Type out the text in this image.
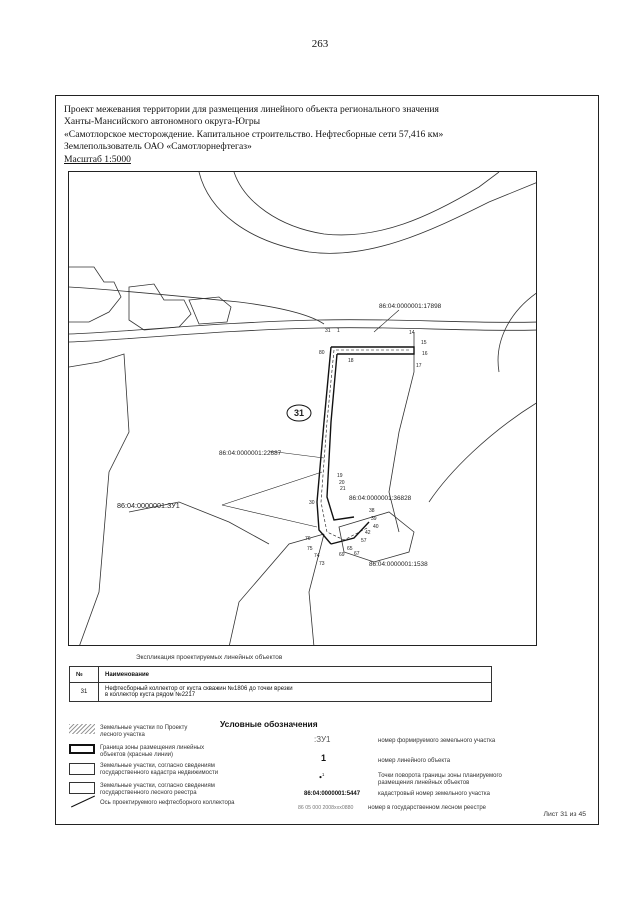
263
Проект межевания территории для размещения линейного объекта регионального значения
Ханты-Мансийского автономного округа-Югры
«Самотлорское месторождение. Капитальное строительство. Нефтесборные сети 57,416 км»
Землепользователь ОАО «Самотлорнефтегаз»
Масштаб 1:5000
31
86:04:0000001:17898
86:04:0000001:22687
86:04:0000001:36828
86:04:0000001:1538
86:04:0000001:ЗУ1
14
15
16
17
18
19
20
21
30
31
38
39
40
42
57
65
67
69
73
74
75
76
80
1
Экспликация проектируемых линейных объектов
№	Наименование
31	Нефтесборный коллектор от куста скважин №1806 до точки врезки
в коллектор куста рядом №2217
Условные обозначения
Земельные участки по Проекту
лесного участка
Граница зоны размещения линейных
объектов (красные линии)
Земельные участки, согласно сведениям
государственного кадастра недвижимости
Земельные участки, согласно сведениям
государственного лесного реестра
Ось проектируемого нефтесборного коллектора
:ЗУ1	номер формируемого земельного участка
1	номер линейного объекта
●$^1$	Точки поворота границы зоны планируемого
размещения линейных объектов
86:04:0000001:5447	кадастровый номер земельного участка
86 05 000 2008xxx0880	номер в государственном лесном реестре
Лист 31 из 45
